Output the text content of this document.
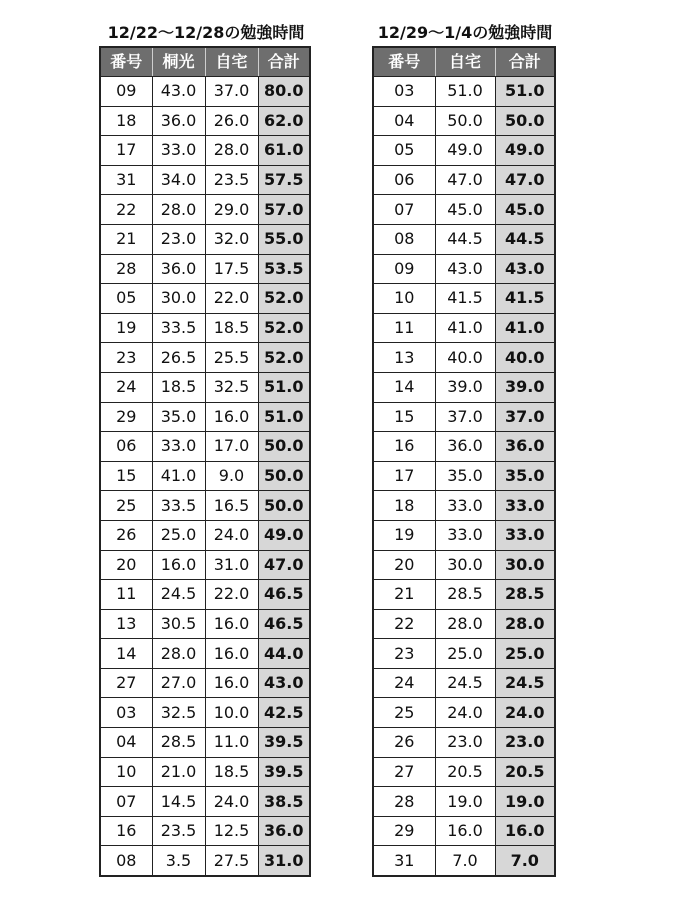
12/22～12/28の勉強時間
番号	桐光	自宅	合計
09	43.0	37.0	80.0
18	36.0	26.0	62.0
17	33.0	28.0	61.0
31	34.0	23.5	57.5
22	28.0	29.0	57.0
21	23.0	32.0	55.0
28	36.0	17.5	53.5
05	30.0	22.0	52.0
19	33.5	18.5	52.0
23	26.5	25.5	52.0
24	18.5	32.5	51.0
29	35.0	16.0	51.0
06	33.0	17.0	50.0
15	41.0	9.0	50.0
25	33.5	16.5	50.0
26	25.0	24.0	49.0
20	16.0	31.0	47.0
11	24.5	22.0	46.5
13	30.5	16.0	46.5
14	28.0	16.0	44.0
27	27.0	16.0	43.0
03	32.5	10.0	42.5
04	28.5	11.0	39.5
10	21.0	18.5	39.5
07	14.5	24.0	38.5
16	23.5	12.5	36.0
08	3.5	27.5	31.0
12/29～1/4の勉強時間
番号	自宅	合計
03	51.0	51.0
04	50.0	50.0
05	49.0	49.0
06	47.0	47.0
07	45.0	45.0
08	44.5	44.5
09	43.0	43.0
10	41.5	41.5
11	41.0	41.0
13	40.0	40.0
14	39.0	39.0
15	37.0	37.0
16	36.0	36.0
17	35.0	35.0
18	33.0	33.0
19	33.0	33.0
20	30.0	30.0
21	28.5	28.5
22	28.0	28.0
23	25.0	25.0
24	24.5	24.5
25	24.0	24.0
26	23.0	23.0
27	20.5	20.5
28	19.0	19.0
29	16.0	16.0
31	7.0	7.0
